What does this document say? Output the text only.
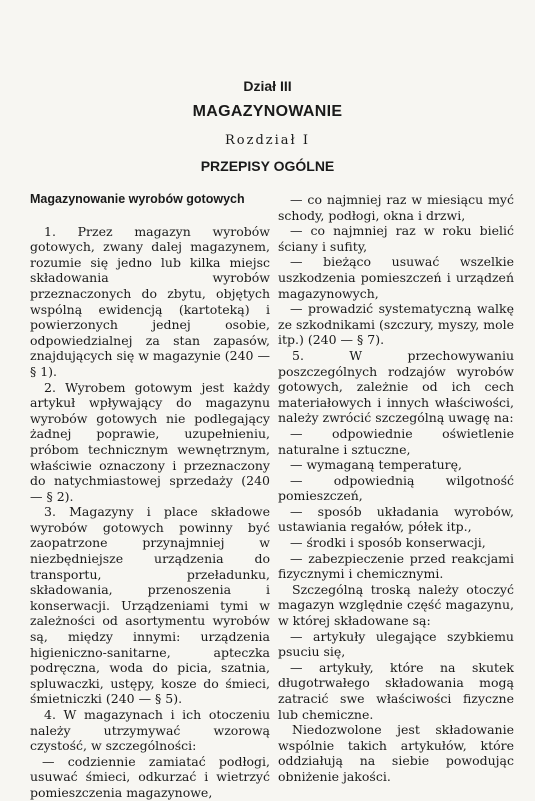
Dział III
MAGAZYNOWANIE
Rozdział I
PRZEPISY OGÓLNE

Magazynowanie wyrobów gotowych

1. Przez magazyn wyrobów gotowych, zwany dalej magazynem, rozumie się jedno lub kilka miejsc składowania wyrobów przeznaczonych do zbytu, objętych wspólną ewidencją (kartoteką) i powierzonych jednej osobie, odpowiedzialnej za stan zapasów, znajdujących się w magazynie (240 — § 1).

2. Wyrobem gotowym jest każdy artykuł wpływający do magazynu wyrobów gotowych nie podlegający żadnej poprawie, uzupełnieniu, próbom technicznym wewnętrznym, właściwie oznaczony i przeznaczony do natychmiastowej sprzedaży (240 — § 2).

3. Magazyny i place składowe wyrobów gotowych powinny być zaopatrzone przynajmniej w niezbędniejsze urządzenia do transportu, przeładunku, składowania, przenoszenia i konserwacji. Urządzeniami tymi w zależności od asortymentu wyrobów są, między innymi: urządzenia higieniczno-sanitarne, apteczka podręczna, woda do picia, szatnia, spluwaczki, ustępy, kosze do śmieci, śmietniczki (240 — § 5).

4. W magazynach i ich otoczeniu należy utrzymywać wzorową czystość, w szczególności:

— codziennie zamiatać podłogi, usuwać śmieci, odkurzać i wietrzyć pomieszczenia magazynowe,

— co najmniej raz w miesiącu myć schody, podłogi, okna i drzwi,

— co najmniej raz w roku bielić ściany i sufity,

— bieżąco usuwać wszelkie uszkodzenia pomieszczeń i urządzeń magazynowych,

— prowadzić systematyczną walkę ze szkodnikami (szczury, myszy, mole itp.) (240 — § 7).

5. W przechowywaniu poszczególnych rodzajów wyrobów gotowych, zależnie od ich cech materiałowych i innych właściwości, należy zwrócić szczególną uwagę na:

— odpowiednie oświetlenie naturalne i sztuczne,

— wymaganą temperaturę,

— odpowiednią wilgotność pomieszczeń,

— sposób układania wyrobów, ustawiania regałów, półek itp.,

— środki i sposób konserwacji,

— zabezpieczenie przed reakcjami fizycznymi i chemicznymi.

Szczególną troską należy otoczyć magazyn względnie część magazynu, w której składowane są:

— artykuły ulegające szybkiemu psuciu się,

— artykuły, które na skutek długotrwałego składowania mogą zatracić swe właściwości fizyczne lub chemiczne.

Niedozwolone jest składowanie wspólnie takich artykułów, które oddziałują na siebie powodując obniżenie jakości.
